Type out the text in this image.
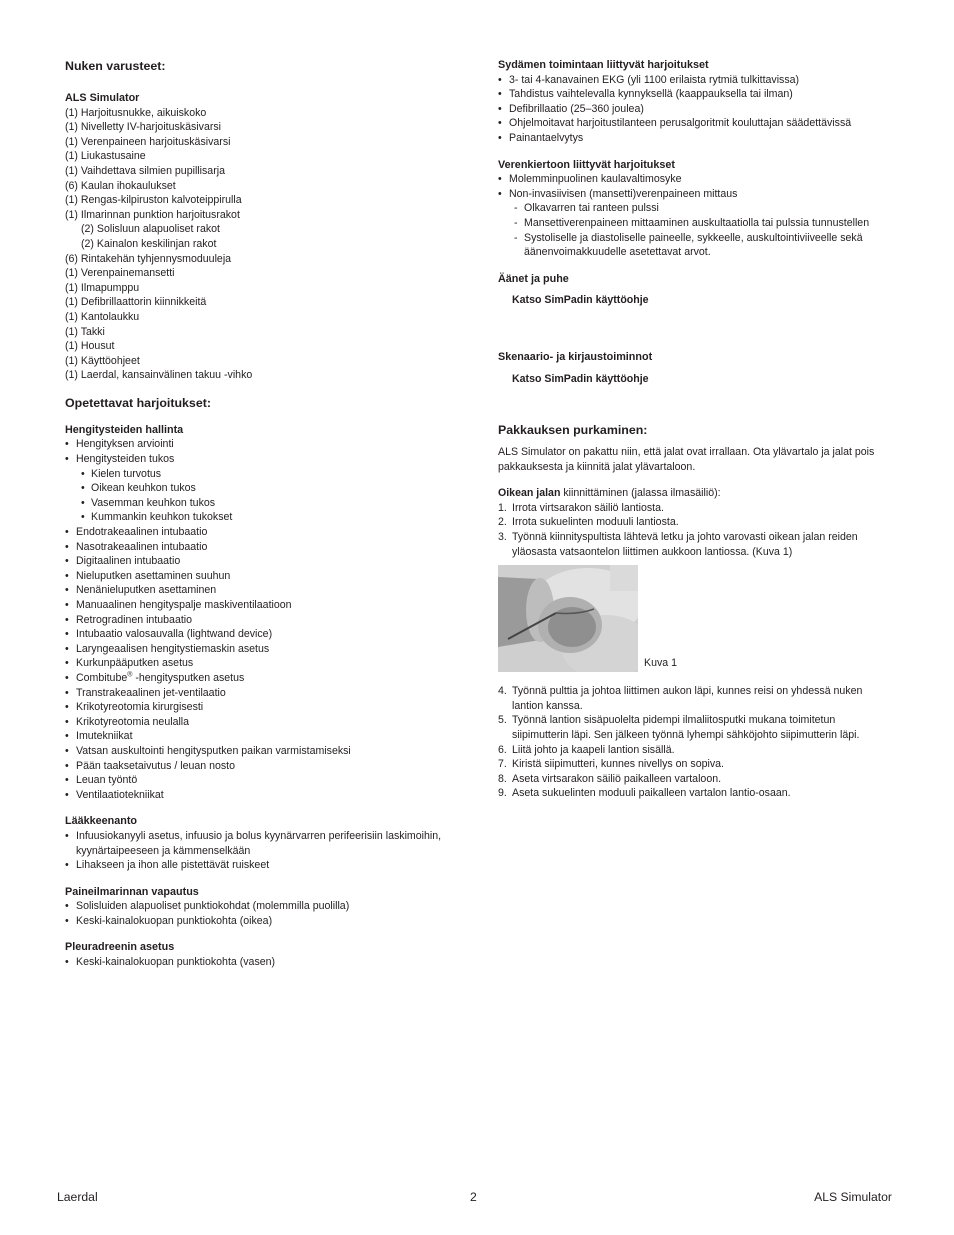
Nuken varusteet:
ALS Simulator
(1) Harjoitusnukke, aikuiskoko
(1) Nivelletty IV-harjoituskäsivarsi
(1) Verenpaineen harjoituskäsivarsi
(1) Liukastusaine
(1) Vaihdettava silmien pupillisarja
(6) Kaulan ihokaulukset
(1) Rengas-kilpiruston kalvoteippirulla
(1) Ilmarinnan punktion harjoitusrakot
(2) Solisluun alapuoliset rakot
(2) Kainalon keskilinjan rakot
(6) Rintakehän tyhjennysmoduuleja
(1) Verenpainemansetti
(1) Ilmapumppu
(1) Defibrillaattorin kiinnikkeitä
(1) Kantolaukku
(1) Takki
(1) Housut
(1) Käyttöohjeet
(1) Laerdal, kansainvälinen takuu -vihko
Opetettavat harjoitukset:
Hengitysteiden hallinta
• Hengityksen arviointi
• Hengitysteiden tukos
• Kielen turvotus
• Oikean keuhkon tukos
• Vasemman keuhkon tukos
• Kummankin keuhkon tukokset
• Endotrakeaalinen intubaatio
• Nasotrakeaalinen intubaatio
• Digitaalinen intubaatio
• Nieluputken asettaminen suuhun
• Nenänieluputken asettaminen
• Manuaalinen hengityspalje maskiventilaatioon
• Retrogradinen intubaatio
• Intubaatio valosauvalla (lightwand device)
• Laryngeaalisen hengitystiemaskin asetus
• Kurkunpääputken asetus
• Combitube® -hengitysputken asetus
• Transtrakeaalinen jet-ventilaatio
• Krikotyreotomia kirurgisesti
• Krikotyreotomia neulalla
• Imutekniikat
• Vatsan auskultointi hengitysputken paikan varmistamiseksi
• Pään taaksetaivutus / leuan nosto
• Leuan työntö
• Ventilaatiotekniikat
Lääkkeenanto
• Infuusiokanyyli asetus, infuusio ja bolus kyynärvarren perifeerisiin laskimoihin, kyynärtaipeeseen ja kämmenselkään
• Lihakseen ja ihon alle pistettävät ruiskeet
Paineilmarinnan vapautus
• Solisluiden alapuoliset punktiokohdat (molemmilla puolilla)
• Keski-kainalokuopan punktiokohta (oikea)
Pleuradreenin asetus
• Keski-kainalokuopan punktiokohta (vasen)
Sydämen toimintaan liittyvät harjoitukset
• 3- tai 4-kanavainen EKG (yli 1100 erilaista rytmiä tulkittavissa)
• Tahdistus vaihtelevalla kynnyksellä (kaappauksella tai ilman)
• Defibrillaatio (25–360 joulea)
• Ohjelmoitavat harjoitustilanteen perusalgoritmit kouluttajan säädettävissä
• Painantaelvytys
Verenkiertoon liittyvät harjoitukset
• Molemminpuolinen kaulavaltimosyke
• Non-invasiivisen (mansetti)verenpaineen mittaus
- Olkavarren tai ranteen pulssi
- Mansettiverenpaineen mittaaminen auskultaatiolla tai pulssia tunnustellen
- Systoliselle ja diastoliselle paineelle, sykkeelle, auskultointiviiveelle sekä äänenvoimakkuudelle asetettavat arvot.
Äänet ja puhe
Katso SimPadin käyttöohje
Skenaario- ja kirjaustoiminnot
Katso SimPadin käyttöohje
Pakkauksen purkaminen:
ALS Simulator on pakattu niin, että jalat ovat irrallaan. Ota ylävartalo ja jalat pois pakkauksesta ja kiinnitä jalat ylävartaloon.
Oikean jalan kiinnittäminen (jalassa ilmasäiliö):
1. Irrota virtsarakon säiliö lantiosta.
2. Irrota sukuelinten moduuli lantiosta.
3. Työnnä kiinnityspultista lähtevä letku ja johto varovasti oikean jalan reiden yläosasta vatsaontelon liittimen aukkoon lantiossa. (Kuva 1)
Kuva 1
4. Työnnä pulttia ja johtoa liittimen aukon läpi, kunnes reisi on yhdessä nuken lantion kanssa.
5. Työnnä lantion sisäpuolelta pidempi ilmaliitosputki mukana toimitetun siipimutterin läpi. Sen jälkeen työnnä lyhempi sähköjohto siipimutterin läpi.
6. Liitä johto ja kaapeli lantion sisällä.
7. Kiristä siipimutteri, kunnes nivellys on sopiva.
8. Aseta virtsarakon säiliö paikalleen vartaloon.
9. Aseta sukuelinten moduuli paikalleen vartalon lantio-osaan.
Laerdal	2	ALS Simulator
